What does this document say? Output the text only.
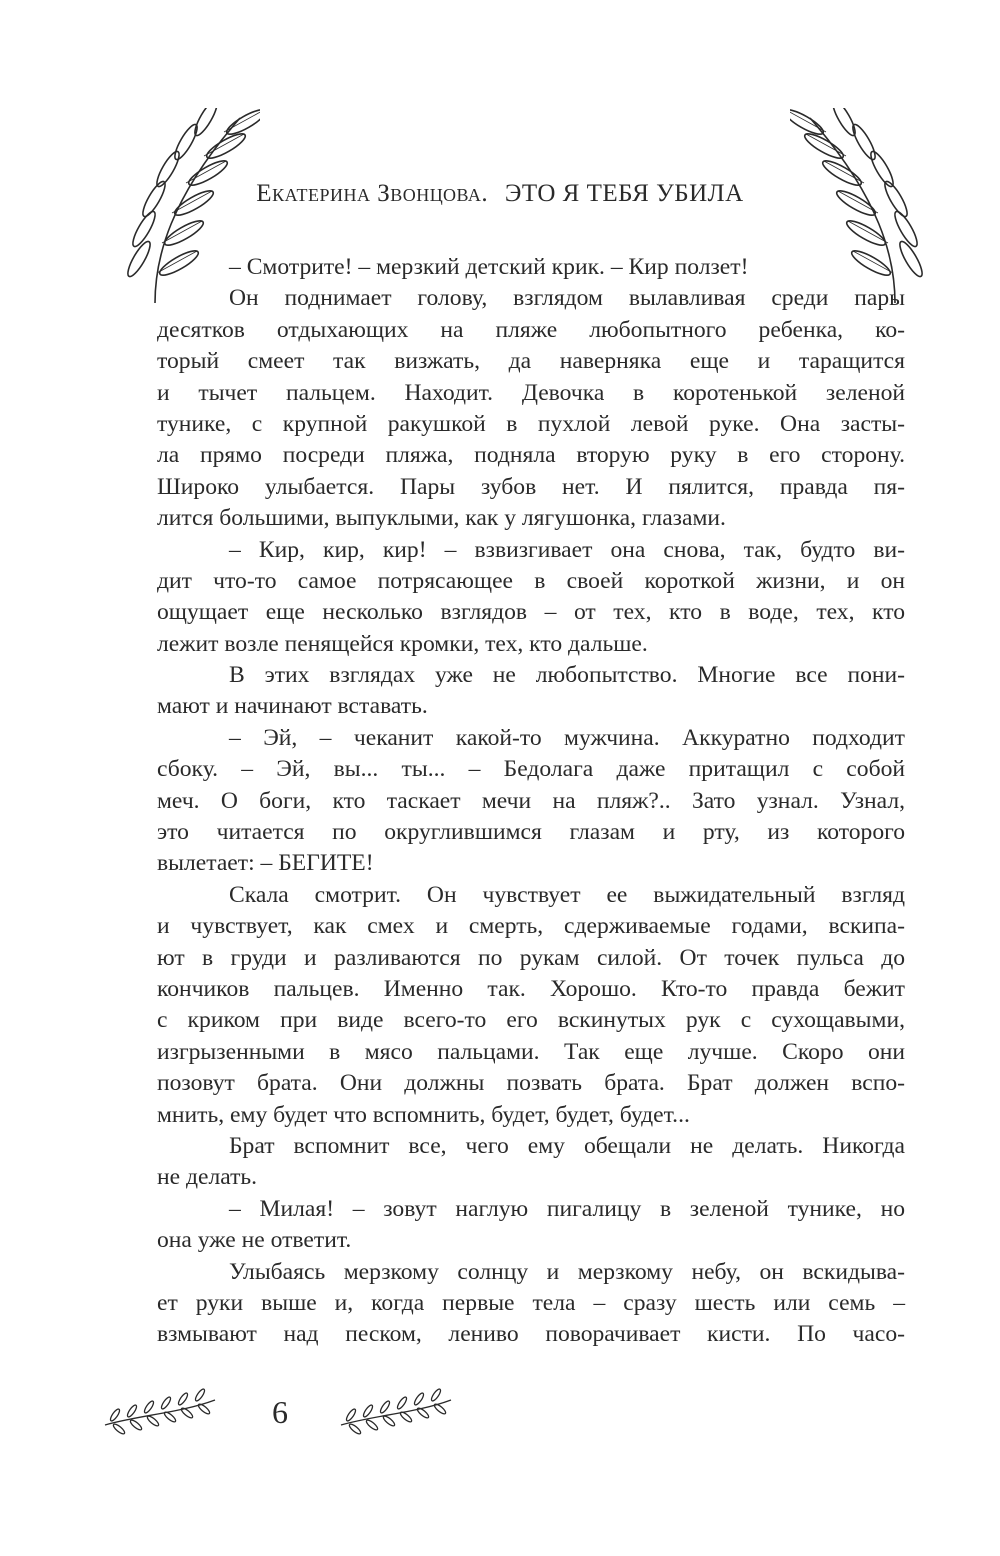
Екатерина Звонцова. ЭТО Я ТЕБЯ УБИЛА
– Смотрите! – мерзкий детский крик. – Кир ползет!
Он поднимает голову, взглядом вылавливая среди пары
десятков отдыхающих на пляже любопытного ребенка, ко-
торый смеет так визжать, да наверняка еще и таращится
и тычет пальцем. Находит. Девочка в коротенькой зеленой
тунике, с крупной ракушкой в пухлой левой руке. Она засты-
ла прямо посреди пляжа, подняла вторую руку в его сторону.
Широко улыбается. Пары зубов нет. И пялится, правда пя-
лится большими, выпуклыми, как у лягушонка, глазами.
– Кир, кир, кир! – взвизгивает она снова, так, будто ви-
дит что-то самое потрясающее в своей короткой жизни, и он
ощущает еще несколько взглядов – от тех, кто в воде, тех, кто
лежит возле пенящейся кромки, тех, кто дальше.
В этих взглядах уже не любопытство. Многие все пони-
мают и начинают вставать.
– Эй, – чеканит какой-то мужчина. Аккуратно подходит
сбоку. – Эй, вы... ты... – Бедолага даже притащил с собой
меч. О боги, кто таскает мечи на пляж?.. Зато узнал. Узнал,
это читается по округлившимся глазам и рту, из которого
вылетает: – БЕГИТЕ!
Скала смотрит. Он чувствует ее выжидательный взгляд
и чувствует, как смех и смерть, сдерживаемые годами, вскипа-
ют в груди и разливаются по рукам силой. От точек пульса до
кончиков пальцев. Именно так. Хорошо. Кто-то правда бежит
с криком при виде всего-то его вскинутых рук с сухощавыми,
изгрызенными в мясо пальцами. Так еще лучше. Скоро они
позовут брата. Они должны позвать брата. Брат должен вспо-
мнить, ему будет что вспомнить, будет, будет, будет...
Брат вспомнит все, чего ему обещали не делать. Никогда
не делать.
– Милая! – зовут наглую пигалицу в зеленой тунике, но
она уже не ответит.
Улыбаясь мерзкому солнцу и мерзкому небу, он вскидыва-
ет руки выше и, когда первые тела – сразу шесть или семь –
взмывают над песком, лениво поворачивает кисти. По часо-
6
